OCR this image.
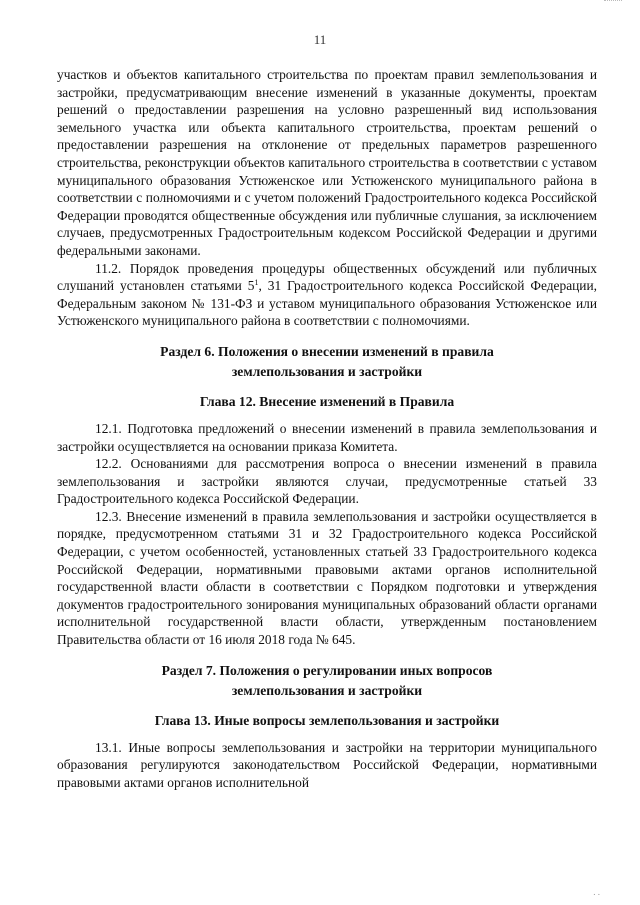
11

участков и объектов капитального строительства по проектам правил землепользования и застройки, предусматривающим внесение изменений в указанные документы, проектам решений о предоставлении разрешения на условно разрешенный вид использования земельного участка или объекта капитального строительства, проектам решений о предоставлении разрешения на отклонение от предельных параметров разрешенного строительства, реконструкции объектов капитального строительства в соответствии с уставом муниципального образования Устюженское или Устюженского муниципального района в соответствии с полномочиями и с учетом положений Градостроительного кодекса Российской Федерации проводятся общественные обсуждения или публичные слушания, за исключением случаев, предусмотренных Градостроительным кодексом Российской Федерации и другими федеральными законами.

11.2. Порядок проведения процедуры общественных обсуждений или публичных слушаний установлен статьями $5^1$, 31 Градостроительного кодекса Российской Федерации, Федеральным законом № 131-ФЗ и уставом муниципального образования Устюженское или Устюженского муниципального района в соответствии с полномочиями.

Раздел 6. Положения о внесении изменений в правила
землепользования и застройки

Глава 12. Внесение изменений в Правила

12.1. Подготовка предложений о внесении изменений в правила землепользования и застройки осуществляется на основании приказа Комитета.

12.2. Основаниями для рассмотрения вопроса о внесении изменений в правила землепользования и застройки являются случаи, предусмотренные статьей 33 Градостроительного кодекса Российской Федерации.

12.3. Внесение изменений в правила землепользования и застройки осуществляется в порядке, предусмотренном статьями 31 и 32 Градостроительного кодекса Российской Федерации, с учетом особенностей, установленных статьей 33 Градостроительного кодекса Российской Федерации, нормативными правовыми актами органов исполнительной государственной власти области в соответствии с Порядком подготовки и утверждения документов градостроительного зонирования муниципальных образований области органами исполнительной государственной власти области, утвержденным постановлением Правительства области от 16 июля 2018 года № 645.

Раздел 7. Положения о регулировании иных вопросов
землепользования и застройки

Глава 13. Иные вопросы землепользования и застройки

13.1. Иные вопросы землепользования и застройки на территории муниципального образования регулируются законодательством Российской Федерации, нормативными правовыми актами органов исполнительной

. .
